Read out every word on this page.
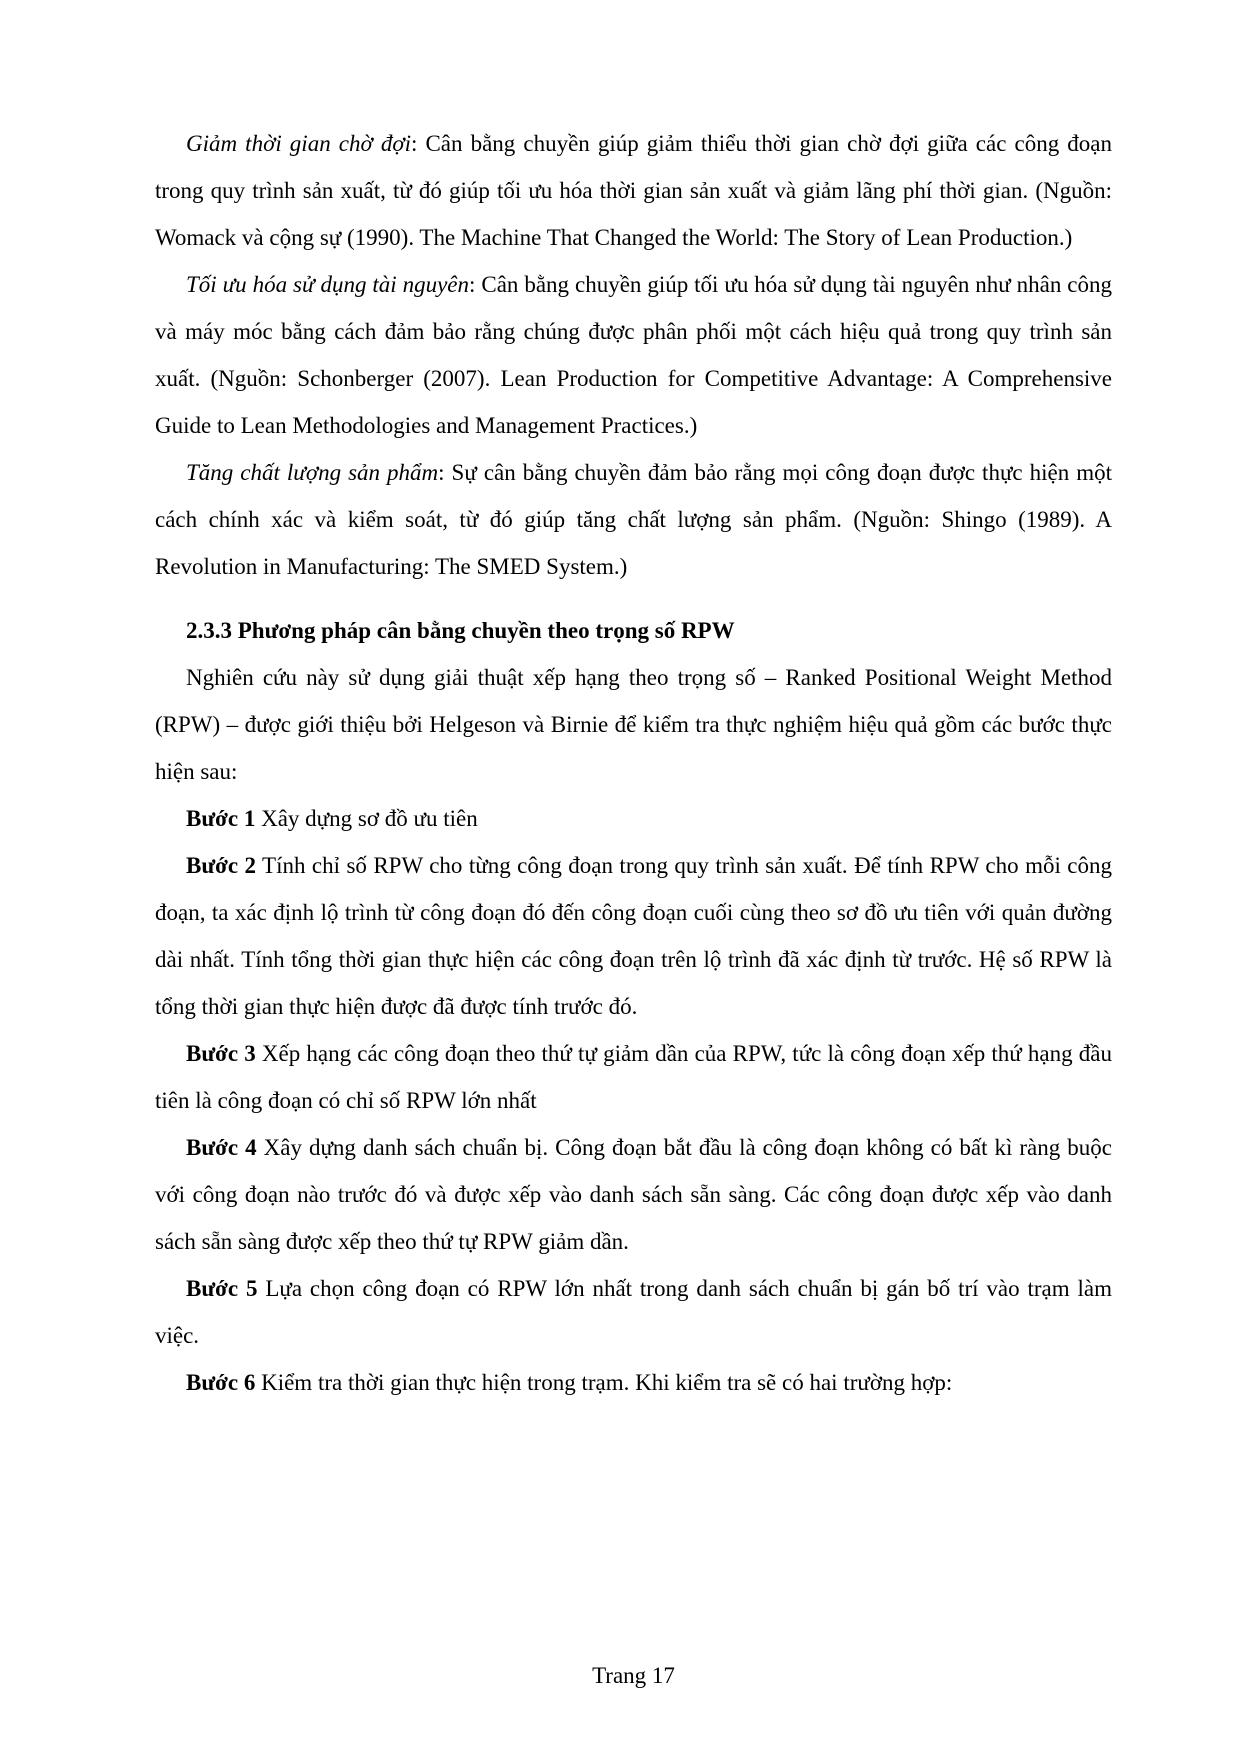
Giảm thời gian chờ đợi: Cân bằng chuyền giúp giảm thiểu thời gian chờ đợi giữa các công đoạn trong quy trình sản xuất, từ đó giúp tối ưu hóa thời gian sản xuất và giảm lãng phí thời gian. (Nguồn: Womack và cộng sự (1990). The Machine That Changed the World: The Story of Lean Production.)

Tối ưu hóa sử dụng tài nguyên: Cân bằng chuyền giúp tối ưu hóa sử dụng tài nguyên như nhân công và máy móc bằng cách đảm bảo rằng chúng được phân phối một cách hiệu quả trong quy trình sản xuất. (Nguồn: Schonberger (2007). Lean Production for Competitive Advantage: A Comprehensive Guide to Lean Methodologies and Management Practices.)

Tăng chất lượng sản phẩm: Sự cân bằng chuyền đảm bảo rằng mọi công đoạn được thực hiện một cách chính xác và kiểm soát, từ đó giúp tăng chất lượng sản phẩm. (Nguồn: Shingo (1989). A Revolution in Manufacturing: The SMED System.)

2.3.3 Phương pháp cân bằng chuyền theo trọng số RPW

Nghiên cứu này sử dụng giải thuật xếp hạng theo trọng số – Ranked Positional Weight Method (RPW) – được giới thiệu bởi Helgeson và Birnie để kiểm tra thực nghiệm hiệu quả gồm các bước thực hiện sau:

Bước 1 Xây dựng sơ đồ ưu tiên

Bước 2 Tính chỉ số RPW cho từng công đoạn trong quy trình sản xuất. Để tính RPW cho mỗi công đoạn, ta xác định lộ trình từ công đoạn đó đến công đoạn cuối cùng theo sơ đồ ưu tiên với quản đường dài nhất. Tính tổng thời gian thực hiện các công đoạn trên lộ trình đã xác định từ trước. Hệ số RPW là tổng thời gian thực hiện được đã được tính trước đó.

Bước 3 Xếp hạng các công đoạn theo thứ tự giảm dần của RPW, tức là công đoạn xếp thứ hạng đầu tiên là công đoạn có chỉ số RPW lớn nhất

Bước 4 Xây dựng danh sách chuẩn bị. Công đoạn bắt đầu là công đoạn không có bất kì ràng buộc với công đoạn nào trước đó và được xếp vào danh sách sẵn sàng. Các công đoạn được xếp vào danh sách sẵn sàng được xếp theo thứ tự RPW giảm dần.

Bước 5 Lựa chọn công đoạn có RPW lớn nhất trong danh sách chuẩn bị gán bố trí vào trạm làm việc.

Bước 6 Kiểm tra thời gian thực hiện trong trạm. Khi kiểm tra sẽ có hai trường hợp:

Trang 17
